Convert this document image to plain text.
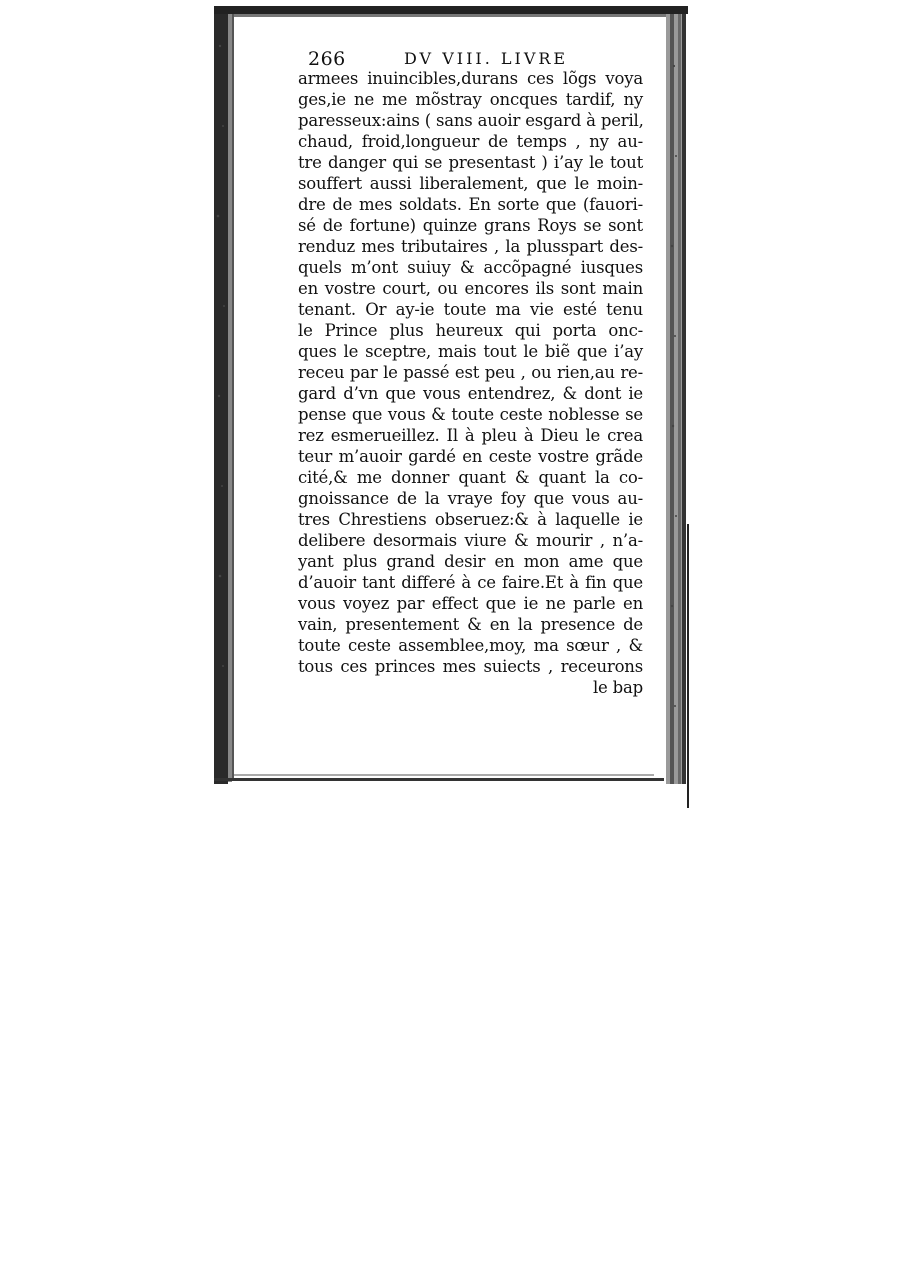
266	DV VIII. LIVRE
armees inuincibles,durans ces lõgs voya
ges,ie ne me mõstray oncques tardif, ny
paresseux:ains ( sans auoir esgard à peril,
chaud, froid,longueur de temps , ny au-
tre danger qui se presentast ) i’ay le tout
souffert aussi liberalement, que le moin-
dre de mes soldats. En sorte que (fauori-
sé de fortune) quinze grans Roys se sont
renduz mes tributaires , la plusspart des-
quels m’ont suiuy & accõpagné iusques
en vostre court, ou encores ils sont main
tenant. Or ay-ie toute ma vie esté tenu
le Prince plus heureux qui porta onc-
ques le sceptre, mais tout le biẽ que i’ay
receu par le passé est peu , ou rien,au re-
gard d’vn que vous entendrez, & dont ie
pense que vous & toute ceste noblesse se
rez esmerueillez. Il à pleu à Dieu le crea
teur m’auoir gardé en ceste vostre grãde
cité,& me donner quant & quant la co-
gnoissance de la vraye foy que vous au-
tres Chrestiens obseruez:& à laquelle ie
delibere desormais viure & mourir , n’a-
yant plus grand desir en mon ame que
d’auoir tant differé à ce faire.Et à fin que
vous voyez par effect que ie ne parle en
vain, presentement & en la presence de
toute ceste assemblee,moy, ma sœur , &
tous ces princes mes suiects , receurons
le bap
